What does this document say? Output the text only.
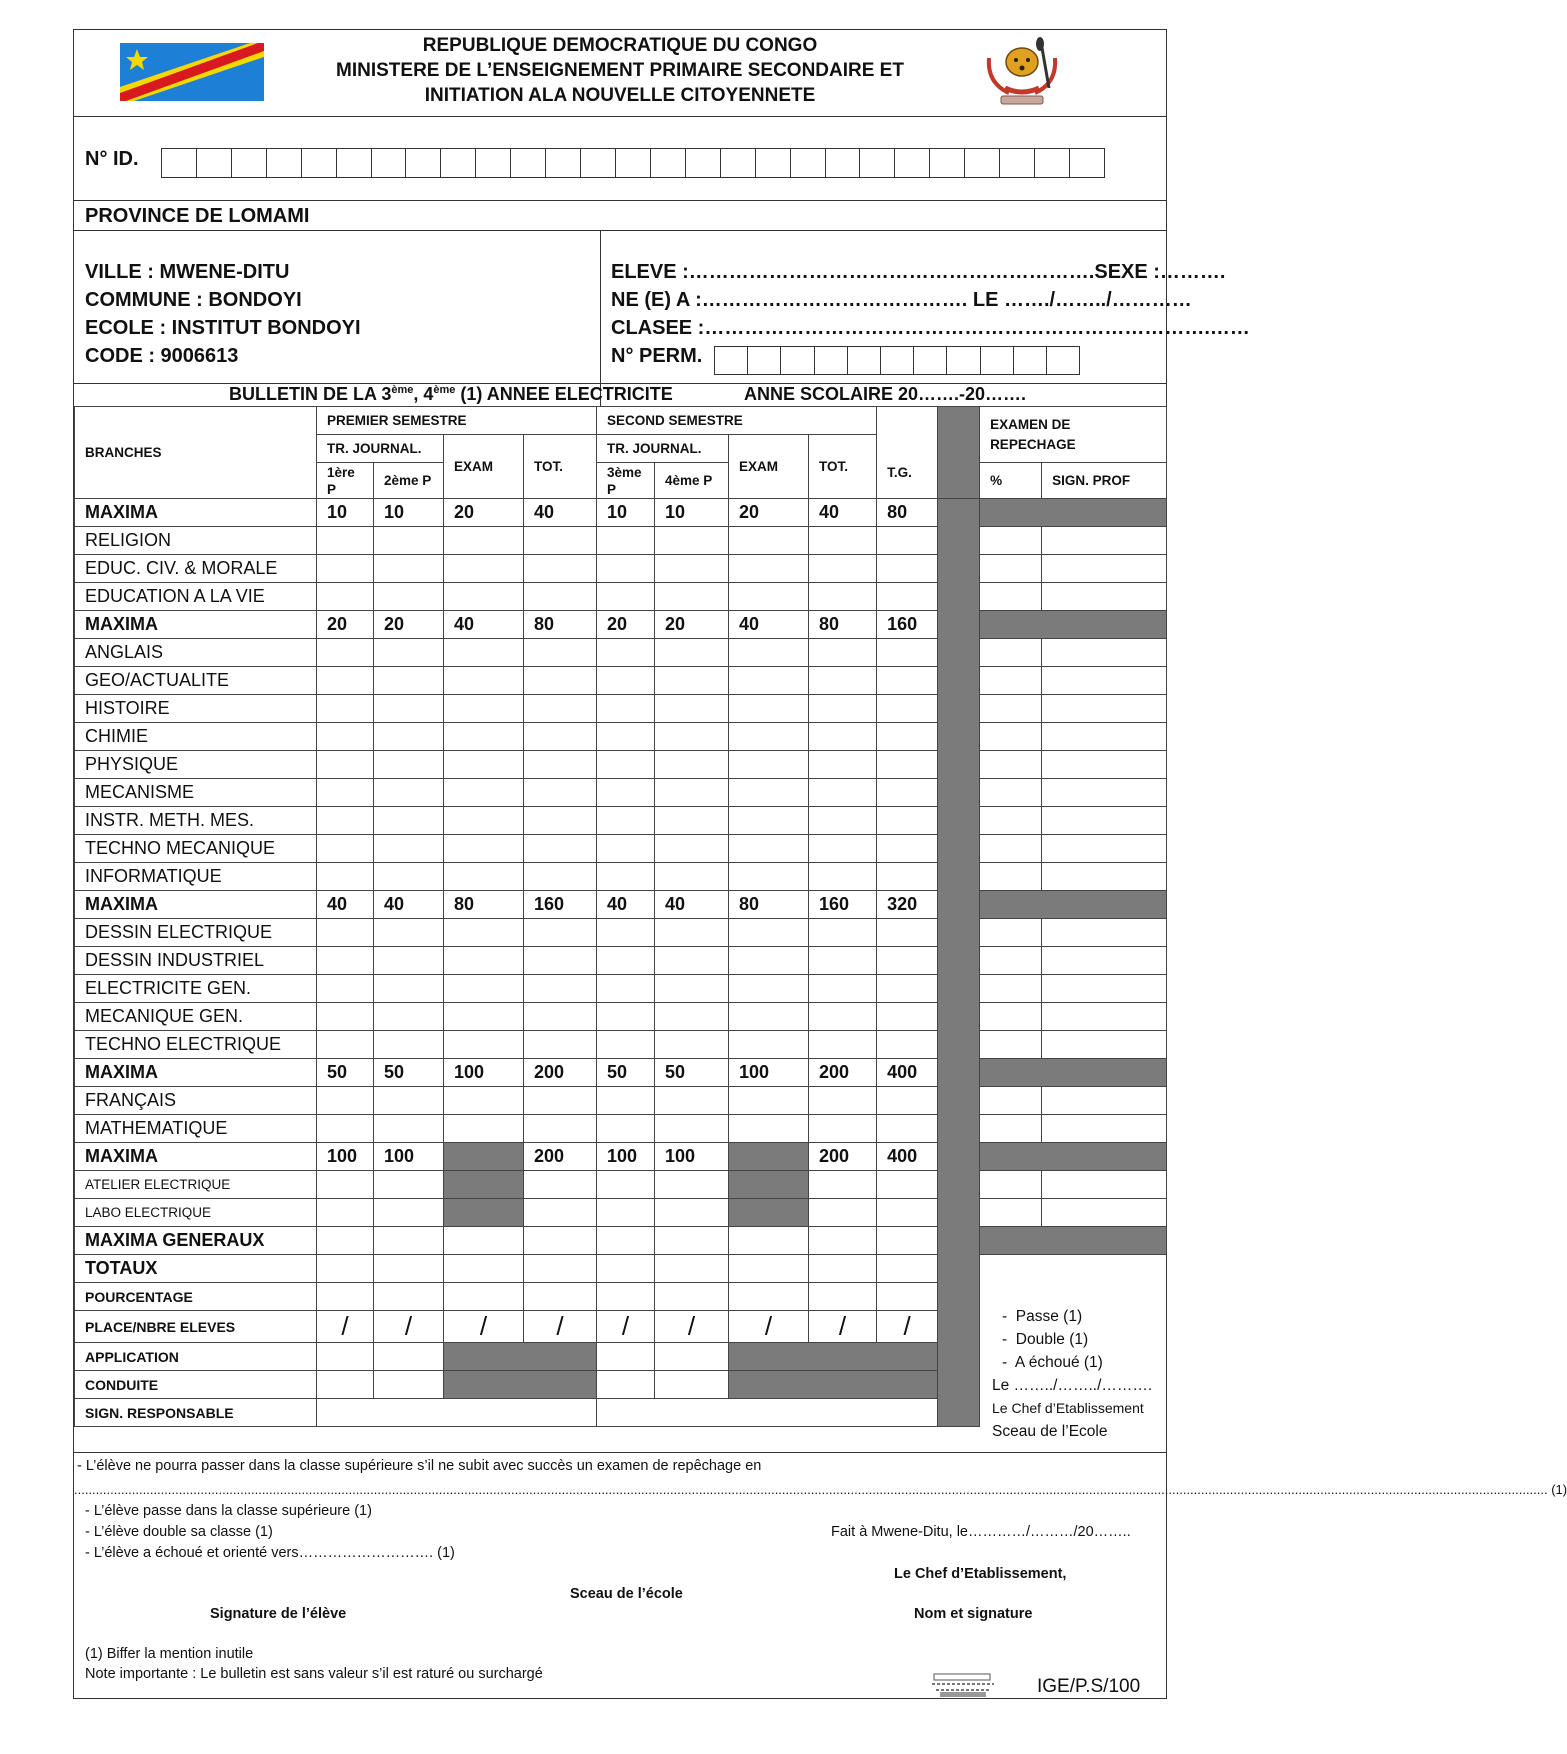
REPUBLIQUE DEMOCRATIQUE DU CONGO
MINISTERE DE L’ENSEIGNEMENT PRIMAIRE SECONDAIRE ET
INITIATION ALA NOUVELLE CITOYENNETE
N° ID.
PROVINCE DE LOMAMI
VILLE : MWENE-DITU
COMMUNE : BONDOYI
ECOLE : INSTITUT BONDOYI
CODE : 9006613
ELEVE :…………………………………………………….SEXE :……….
NE (E) A :…………………………………. LE ……./……../…………
CLASEE :………………………………………………………………….……
N° PERM.
BRANCHES	PREMIER SEMESTRE				SECOND SEMESTRE				T.G.		EXAMEN DE REPECHAGE	
	TR. JOURNAL.		EXAM	TOT.	TR. JOURNAL.		EXAM	TOT.				
	1ère P	2ème P			3ème P	4ème P					%	SIGN. PROF
MAXIMA	10	10	20	40	10	10	20	40	80			
RELIGION												
EDUC. CIV. & MORALE												
EDUCATION A LA VIE												
MAXIMA	20	20	40	80	20	20	40	80	160			
ANGLAIS												
GEO/ACTUALITE												
HISTOIRE												
CHIMIE												
PHYSIQUE												
MECANISME												
INSTR. METH. MES.												
TECHNO MECANIQUE												
INFORMATIQUE												
MAXIMA	40	40	80	160	40	40	80	160	320			
DESSIN ELECTRIQUE												
DESSIN INDUSTRIEL												
ELECTRICITE GEN.												
MECANIQUE GEN.												
TECHNO ELECTRIQUE												
MAXIMA	50	50	100	200	50	50	100	200	400			
FRANÇAIS												
MATHEMATIQUE												
MAXIMA	100	100		200	100	100		200	400			
ATELIER ELECTRIQUE												
LABO ELECTRIQUE												
MAXIMA GENERAUX												
TOTAUX												
POURCENTAGE												
PLACE/NBRE ELEVES	/	/	/	/	/	/	/	/	/			
APPLICATION												
CONDUITE												
SIGN. RESPONSABLE												
-  Passe (1)
-  Double (1)
-  A échoué (1)
Le ……../……../……….
Le Chef d’Etablissement
Sceau de l’Ecole
- L’élève ne pourra passer dans la classe supérieure s’il ne subit avec succès un examen de repêchage en
........................................................................................................................................................................................................................................................................................................................................................................................................................ (1)
- L’élève passe dans la classe supérieure (1)
- L’élève double sa classe (1)
- L’élève a échoué et orienté vers………………………. (1)
Fait à Mwene-Ditu, le…………/………/20……..
Le Chef d’Etablissement,
Sceau de l’école
Signature de l’élève	Nom et signature
(1) Biffer la mention inutile
Note importante : Le bulletin est sans valeur s’il est raturé ou surchargé
IGE/P.S/100
BULLETIN DE LA 3ème, 4ème (1) ANNEE ELECTRICITE	ANNE SCOLAIRE 20…….-20…….
